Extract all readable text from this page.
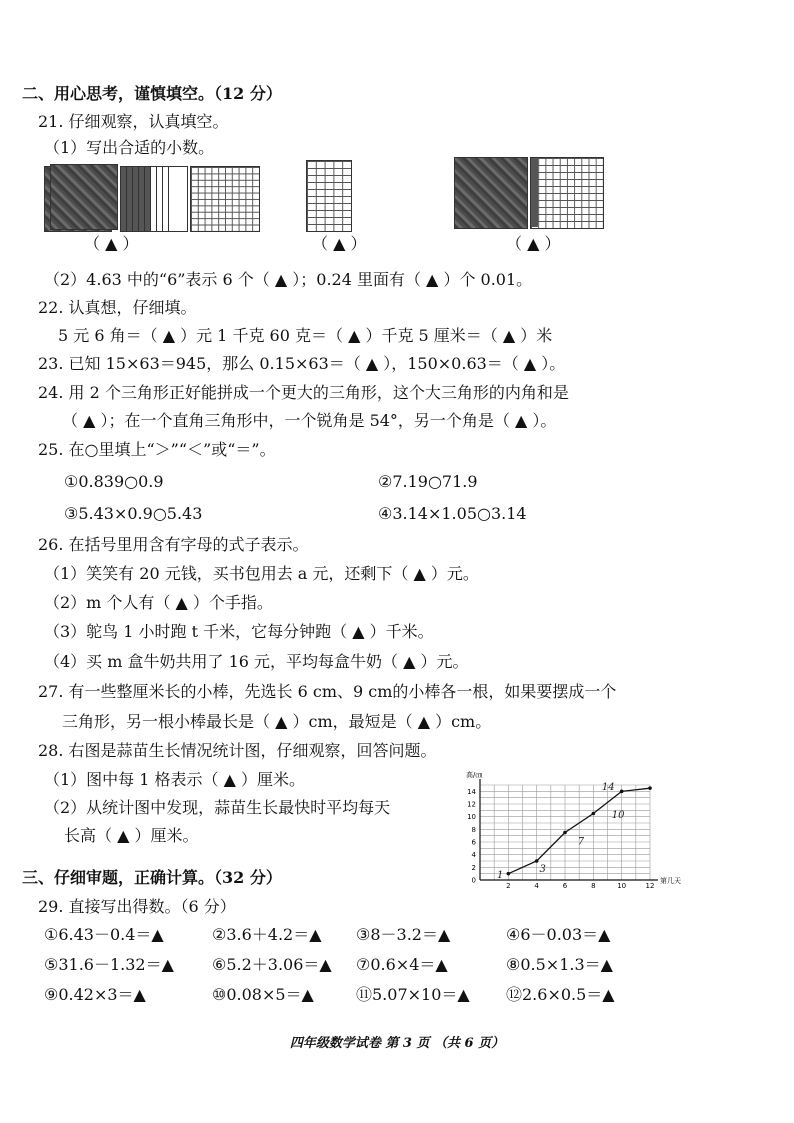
二、用心思考，谨慎填空。（12 分）
21. 仔细观察，认真填空。
（1）写出合适的小数。
（ ▲ ）	（ ▲ ）	（ ▲ ）
（2）4.63 中的“6”表示 6 个（ ▲ ）；0.24 里面有（ ▲ ）个 0.01。
22. 认真想，仔细填。
5 元 6 角＝（ ▲ ）元 1 千克 60 克＝（ ▲ ）千克 5 厘米＝（ ▲ ）米
23. 已知 15×63＝945，那么 0.15×63＝（ ▲ ），150×0.63＝（ ▲ ）。
24. 用 2 个三角形正好能拼成一个更大的三角形，这个大三角形的内角和是
（ ▲ ）；在一个直角三角形中，一个锐角是 54°，另一个角是（ ▲ ）。
25. 在○里填上“＞”“＜”或“＝”。
①0.839○0.9	②7.19○71.9
③5.43×0.9○5.43	④3.14×1.05○3.14
26. 在括号里用含有字母的式子表示。
（1）笑笑有 20 元钱，买书包用去 a 元，还剩下（ ▲ ）元。
（2）m 个人有（ ▲ ）个手指。
（3）鸵鸟 1 小时跑 t 千米，它每分钟跑（ ▲ ）千米。
（4）买 m 盒牛奶共用了 16 元，平均每盒牛奶（ ▲ ）元。
27. 有一些整厘米长的小棒，先选长 6 cm、9 cm的小棒各一根，如果要摆成一个
三角形，另一根小棒最长是（ ▲ ）cm，最短是（ ▲ ）cm。
28. 右图是蒜苗生长情况统计图，仔细观察，回答问题。
（1）图中每 1 格表示（ ▲ ）厘米。
（2）从统计图中发现，蒜苗生长最快时平均每天
长高（ ▲ ）厘米。
2	4	6	8	10	12
0
2
4
6
8
10
12
14
高/㎝
第几天
14
1
3
7
10
三、仔细审题，正确计算。（32 分）
29. 直接写出得数。（6 分）
①6.43－0.4＝▲	②3.6＋4.2＝▲ ③8－3.2＝▲	④6－0.03＝▲
⑤31.6－1.32＝▲ ⑥5.2＋3.06＝▲ ⑦0.6×4＝▲	⑧0.5×1.3＝▲
⑨0.42×3＝▲	⑩0.08×5＝▲	⑪5.07×10＝▲ ⑫2.6×0.5＝▲
四年级数学试卷 第 3 页 （共 6 页）
